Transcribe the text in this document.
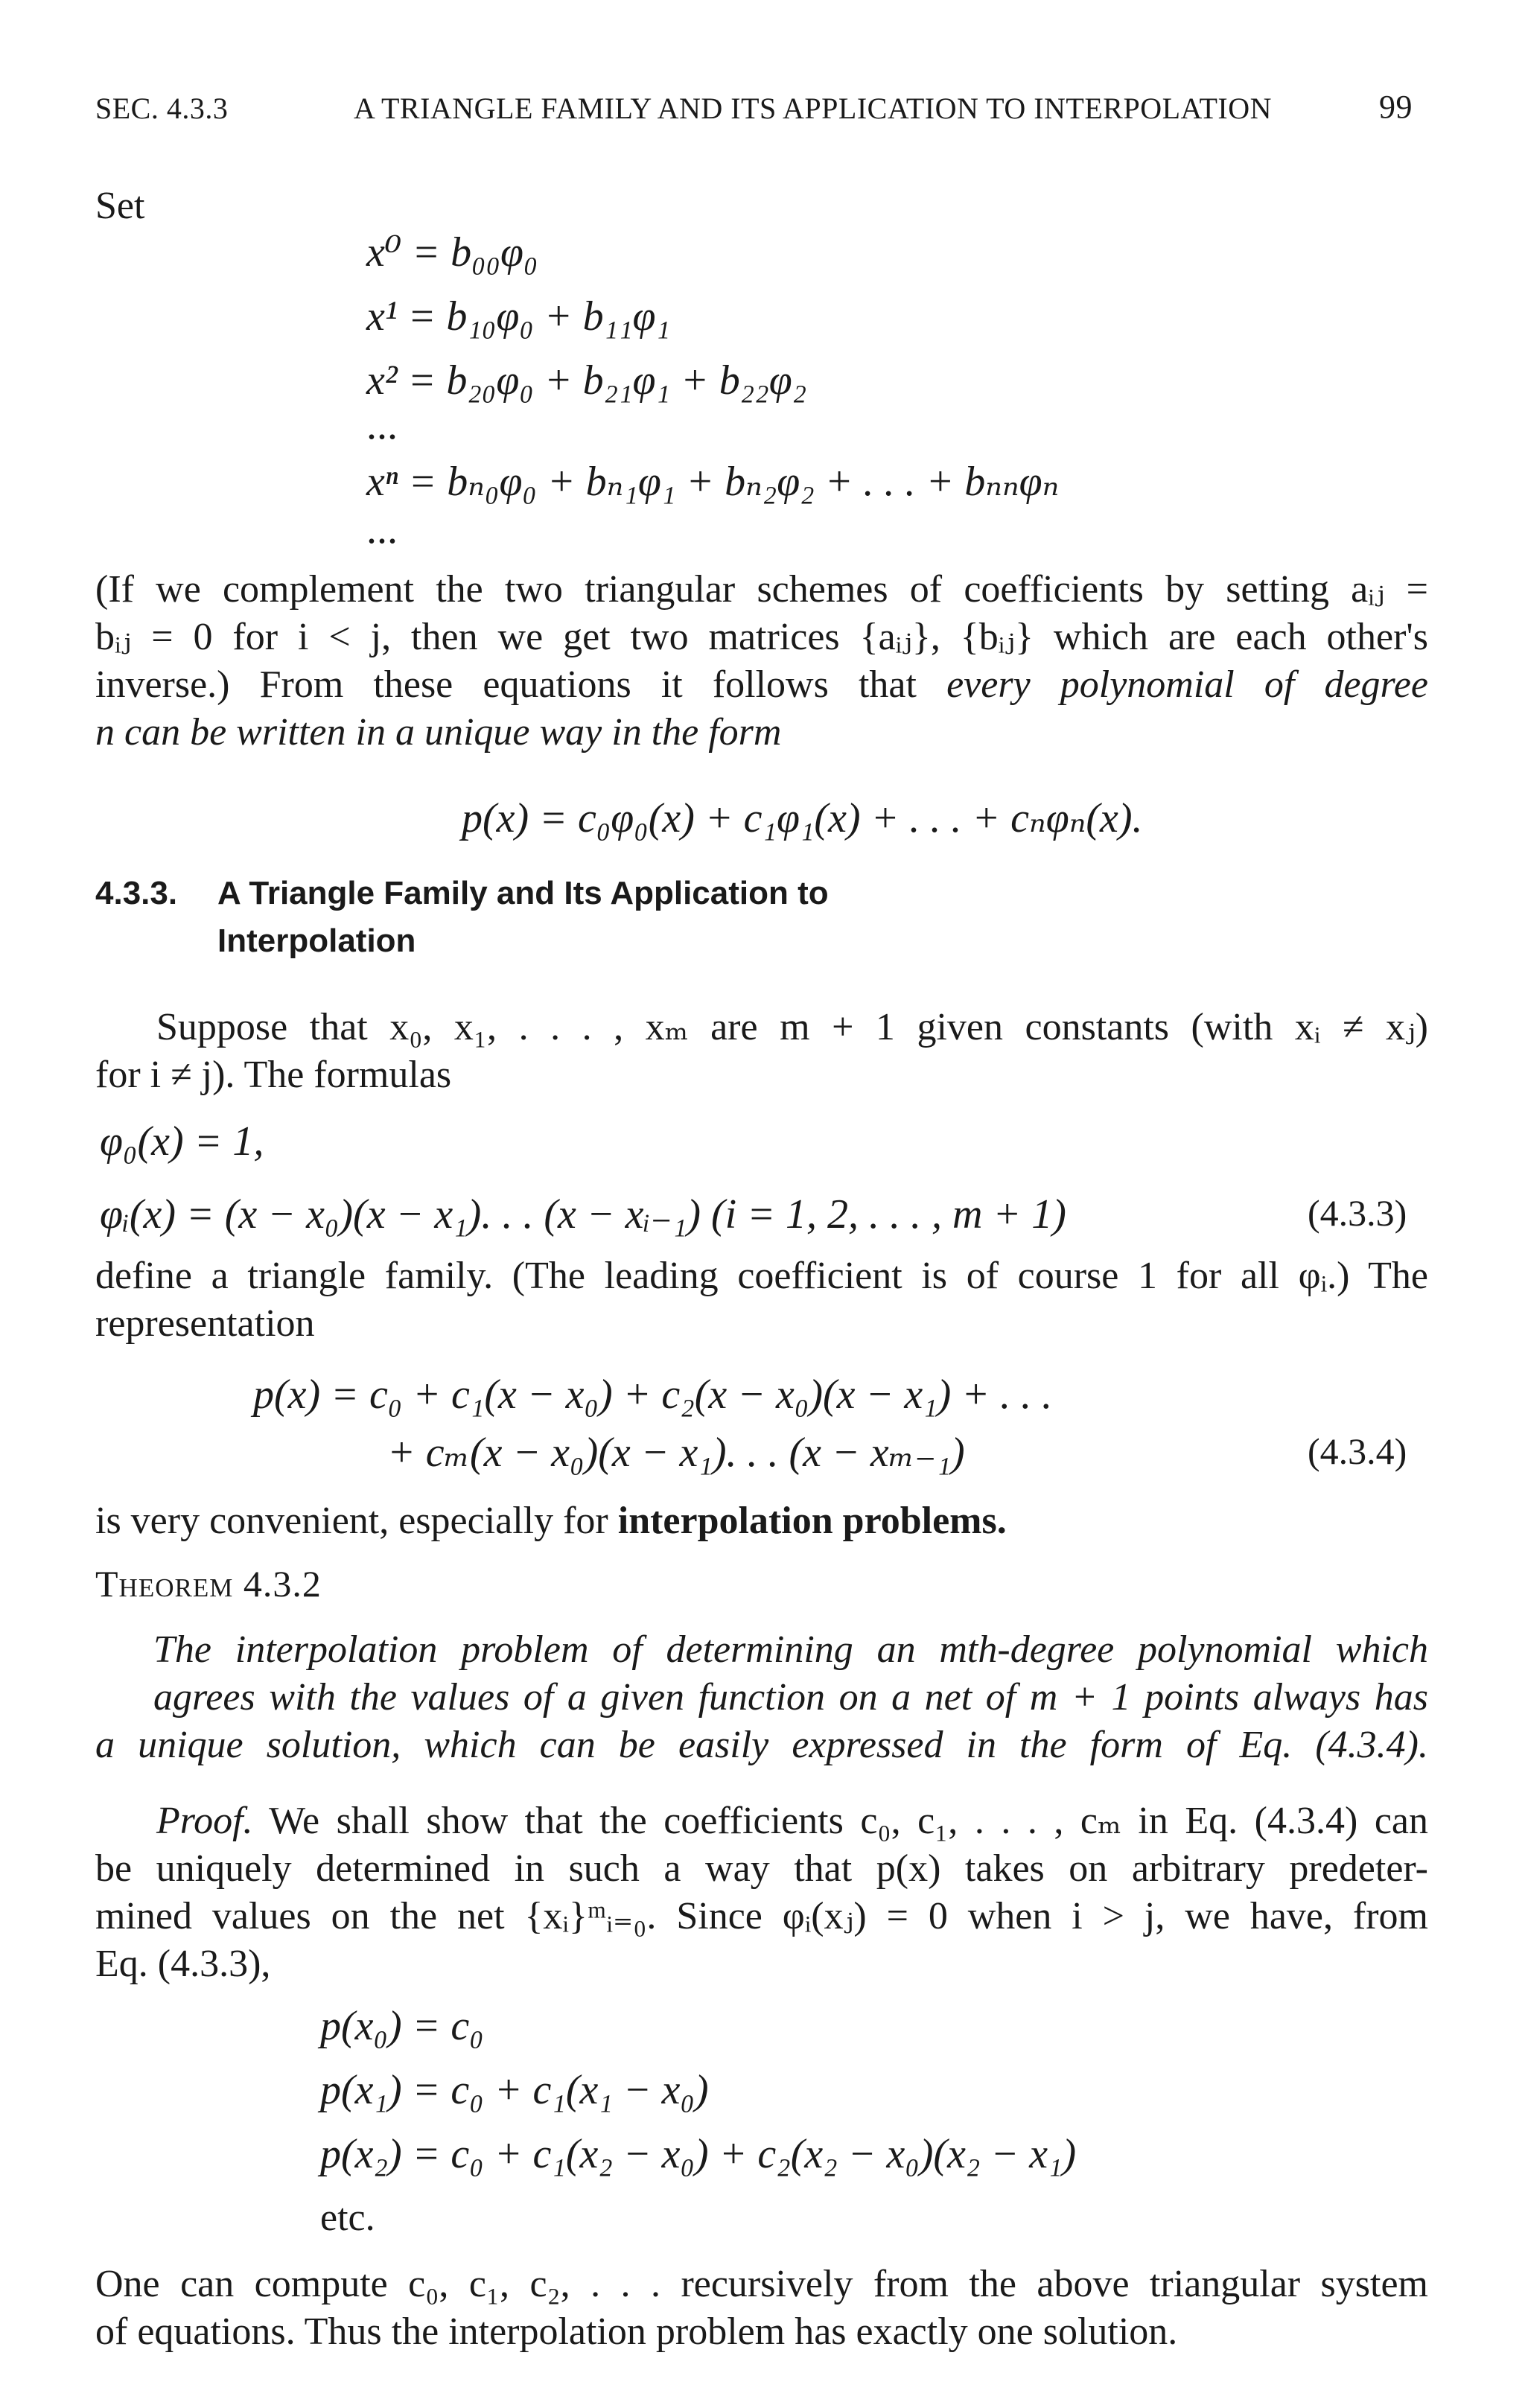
SEC. 4.3.3	A TRIANGLE FAMILY AND ITS APPLICATION TO INTERPOLATION	99
Set
x⁰ = b₀₀φ₀
x¹ = b₁₀φ₀ + b₁₁φ₁
x² = b₂₀φ₀ + b₂₁φ₁ + b₂₂φ₂
...
xⁿ = bₙ₀φ₀ + bₙ₁φ₁ + bₙ₂φ₂ + . . . + bₙₙφₙ
...
(If we complement the two triangular schemes of coefficients by setting aᵢⱼ =
bᵢⱼ = 0 for i < j, then we get two matrices {aᵢⱼ}, {bᵢⱼ} which are each other's
inverse.) From these equations it follows that every polynomial of degree
n can be written in a unique way in the form
p(x) = c₀φ₀(x) + c₁φ₁(x) + . . . + cₙφₙ(x).
4.3.3. A Triangle Family and Its Application to
Interpolation
Suppose that x₀, x₁, . . . , xₘ are m + 1 given constants (with xᵢ ≠ xⱼ)
for i ≠ j). The formulas
φ₀(x) = 1,
φᵢ(x) = (x − x₀)(x − x₁). . . (x − xᵢ₋₁) (i = 1, 2, . . . , m + 1)	(4.3.3)
define a triangle family. (The leading coefficient is of course 1 for all φᵢ.) The
representation
p(x) = c₀ + c₁(x − x₀) + c₂(x − x₀)(x − x₁) + . . .
+ cₘ(x − x₀)(x − x₁). . . (x − xₘ₋₁)	(4.3.4)
is very convenient, especially for interpolation problems.
Theorem 4.3.2
The interpolation problem of determining an mth-degree polynomial which
agrees with the values of a given function on a net of m + 1 points always has
a unique solution, which can be easily expressed in the form of Eq. (4.3.4).
Proof. We shall show that the coefficients c₀, c₁, . . . , cₘ in Eq. (4.3.4) can
be uniquely determined in such a way that p(x) takes on arbitrary predeter-
mined values on the net {xᵢ}ᵐᵢ₌₀. Since φᵢ(xⱼ) = 0 when i > j, we have, from
Eq. (4.3.3),
p(x₀) = c₀
p(x₁) = c₀ + c₁(x₁ − x₀)
p(x₂) = c₀ + c₁(x₂ − x₀) + c₂(x₂ − x₀)(x₂ − x₁)
etc.
One can compute c₀, c₁, c₂, . . . recursively from the above triangular system
of equations. Thus the interpolation problem has exactly one solution.
